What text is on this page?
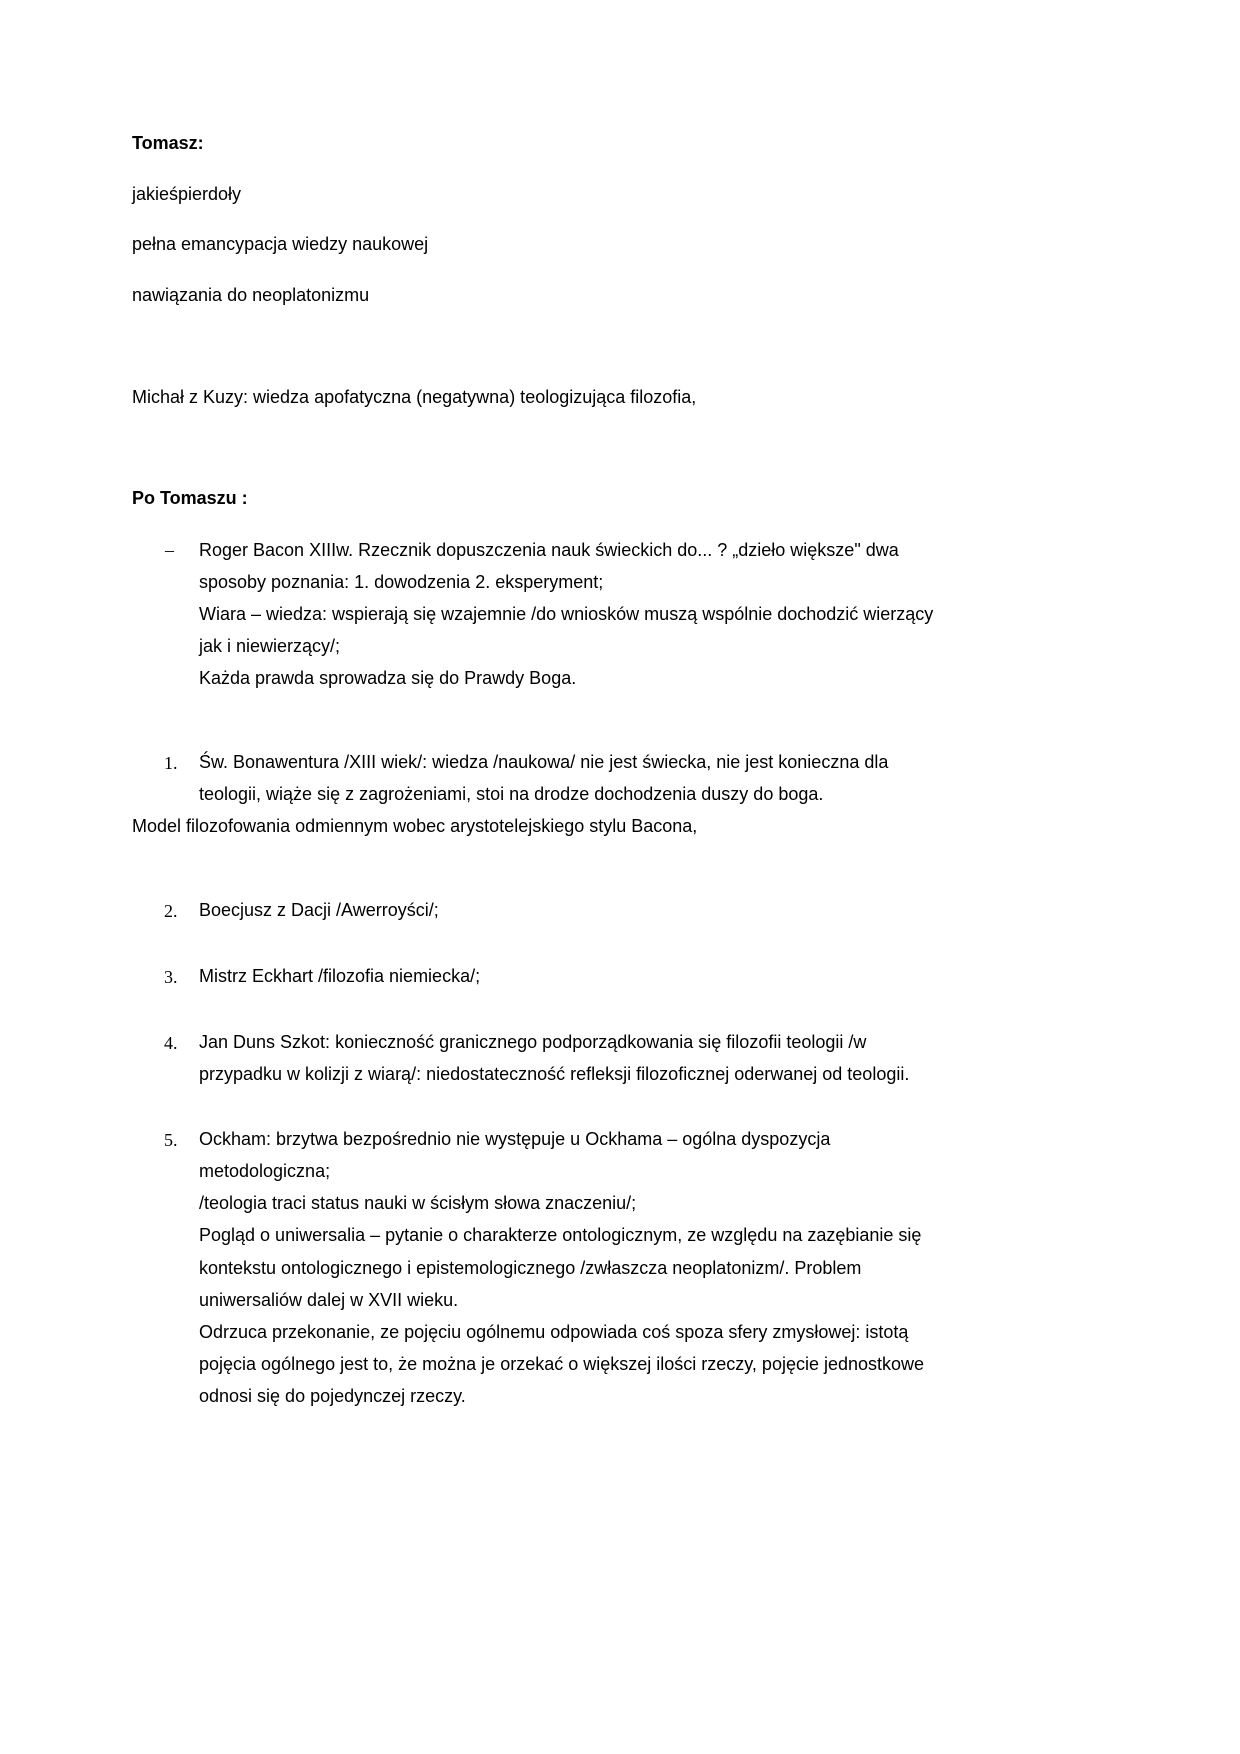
Tomasz:
jakieśpierdoły
pełna emancypacja wiedzy naukowej
nawiązania do neoplatonizmu
Michał z Kuzy: wiedza apofatyczna (negatywna) teologizująca filozofia,
Po Tomaszu :
– Roger Bacon XIIIw. Rzecznik dopuszczenia nauk świeckich do... ? „dzieło większe" dwa
sposoby poznania: 1. dowodzenia 2. eksperyment;
Wiara – wiedza: wspierają się wzajemnie /do wniosków muszą wspólnie dochodzić wierzący
jak i niewierzący/;
Każda prawda sprowadza się do Prawdy Boga.
1. Św. Bonawentura /XIII wiek/: wiedza /naukowa/ nie jest świecka, nie jest konieczna dla
teologii, wiąże się z zagrożeniami, stoi na drodze dochodzenia duszy do boga.
Model filozofowania odmiennym wobec arystotelejskiego stylu Bacona,
2. Boecjusz z Dacji /Awerroyści/;
3. Mistrz Eckhart /filozofia niemiecka/;
4. Jan Duns Szkot: konieczność granicznego podporządkowania się filozofii teologii /w
przypadku w kolizji z wiarą/: niedostateczność refleksji filozoficznej oderwanej od teologii.
5. Ockham: brzytwa bezpośrednio nie występuje u Ockhama – ogólna dyspozycja
metodologiczna;
/teologia traci status nauki w ścisłym słowa znaczeniu/;
Pogląd o uniwersalia – pytanie o charakterze ontologicznym, ze względu na zazębianie się
kontekstu ontologicznego i epistemologicznego /zwłaszcza neoplatonizm/. Problem
uniwersaliów dalej w XVII wieku.
Odrzuca przekonanie, ze pojęciu ogólnemu odpowiada coś spoza sfery zmysłowej: istotą
pojęcia ogólnego jest to, że można je orzekać o większej ilości rzeczy, pojęcie jednostkowe
odnosi się do pojedynczej rzeczy.
